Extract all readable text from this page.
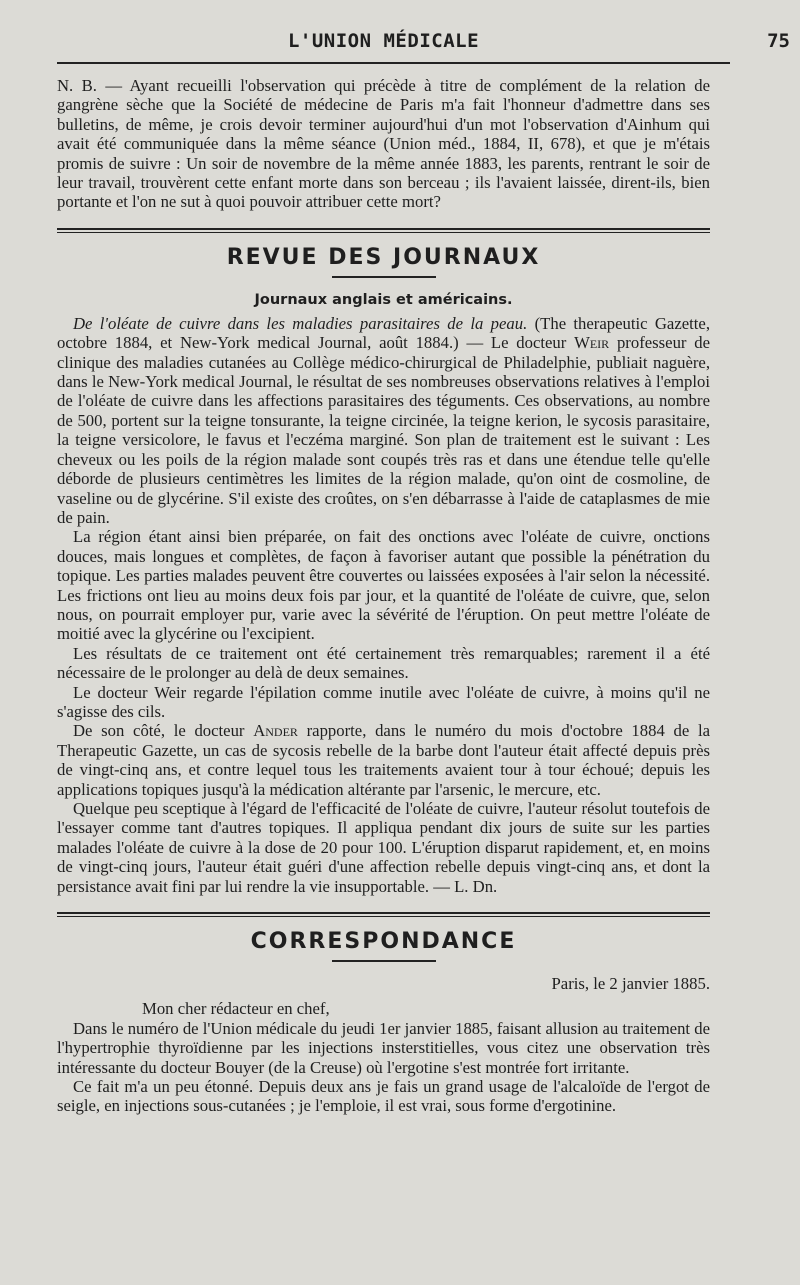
L'UNION MÉDICALE	75

N. B. — Ayant recueilli l'observation qui précède à titre de complément de la relation de gangrène sèche que la Société de médecine de Paris m'a fait l'honneur d'admettre dans ses bulletins, de même, je crois devoir terminer aujourd'hui d'un mot l'observation d'Ainhum qui avait été communiquée dans la même séance (Union méd., 1884, II, 678), et que je m'étais promis de suivre : Un soir de novembre de la même année 1883, les parents, rentrant le soir de leur travail, trouvèrent cette enfant morte dans son berceau ; ils l'avaient laissée, dirent-ils, bien portante et l'on ne sut à quoi pouvoir attribuer cette mort?

REVUE DES JOURNAUX
Journaux anglais et américains.

De l'oléate de cuivre dans les maladies parasitaires de la peau. (The therapeutic Gazette, octobre 1884, et New-York medical Journal, août 1884.) — Le docteur Weir professeur de clinique des maladies cutanées au Collège médico-chirurgical de Philadelphie, publiait naguère, dans le New-York medical Journal, le résultat de ses nombreuses observations relatives à l'emploi de l'oléate de cuivre dans les affections parasitaires des téguments. Ces observations, au nombre de 500, portent sur la teigne tonsurante, la teigne circinée, la teigne kerion, le sycosis parasitaire, la teigne versicolore, le favus et l'eczéma marginé. Son plan de traitement est le suivant : Les cheveux ou les poils de la région malade sont coupés très ras et dans une étendue telle qu'elle déborde de plusieurs centimètres les limites de la région malade, qu'on oint de cosmoline, de vaseline ou de glycérine. S'il existe des croûtes, on s'en débarrasse à l'aide de cataplasmes de mie de pain.

La région étant ainsi bien préparée, on fait des onctions avec l'oléate de cuivre, onctions douces, mais longues et complètes, de façon à favoriser autant que possible la pénétration du topique. Les parties malades peuvent être couvertes ou laissées exposées à l'air selon la nécessité. Les frictions ont lieu au moins deux fois par jour, et la quantité de l'oléate de cuivre, que, selon nous, on pourrait employer pur, varie avec la sévérité de l'éruption. On peut mettre l'oléate de moitié avec la glycérine ou l'excipient.

Les résultats de ce traitement ont été certainement très remarquables; rarement il a été nécessaire de le prolonger au delà de deux semaines.

Le docteur Weir regarde l'épilation comme inutile avec l'oléate de cuivre, à moins qu'il ne s'agisse des cils.

De son côté, le docteur Ander rapporte, dans le numéro du mois d'octobre 1884 de la Therapeutic Gazette, un cas de sycosis rebelle de la barbe dont l'auteur était affecté depuis près de vingt-cinq ans, et contre lequel tous les traitements avaient tour à tour échoué; depuis les applications topiques jusqu'à la médication altérante par l'arsenic, le mercure, etc.

Quelque peu sceptique à l'égard de l'efficacité de l'oléate de cuivre, l'auteur résolut toutefois de l'essayer comme tant d'autres topiques. Il appliqua pendant dix jours de suite sur les parties malades l'oléate de cuivre à la dose de 20 pour 100. L'éruption disparut rapidement, et, en moins de vingt-cinq jours, l'auteur était guéri d'une affection rebelle depuis vingt-cinq ans, et dont la persistance avait fini par lui rendre la vie insupportable. — L. Dn.

CORRESPONDANCE
Paris, le 2 janvier 1885.
Mon cher rédacteur en chef,

Dans le numéro de l'Union médicale du jeudi 1er janvier 1885, faisant allusion au traitement de l'hypertrophie thyroïdienne par les injections insterstitielles, vous citez une observation très intéressante du docteur Bouyer (de la Creuse) où l'ergotine s'est montrée fort irritante.

Ce fait m'a un peu étonné. Depuis deux ans je fais un grand usage de l'alcaloïde de l'ergot de seigle, en injections sous-cutanées ; je l'emploie, il est vrai, sous forme d'ergotinine.
